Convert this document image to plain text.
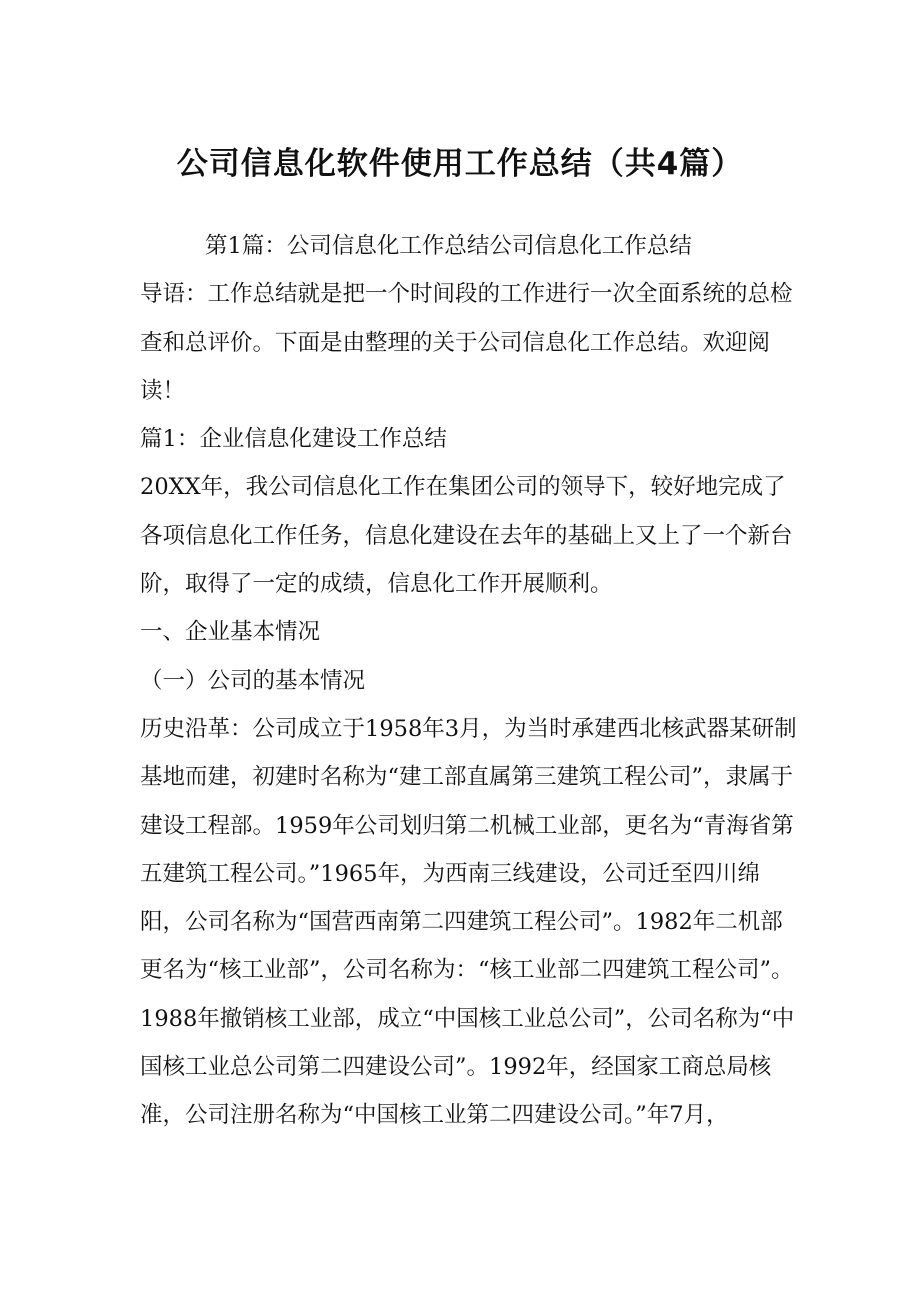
公司信息化软件使用工作总结（共4篇）

第1篇：公司信息化工作总结公司信息化工作总结

导语：工作总结就是把一个时间段的工作进行一次全面系统的总检查和总评价。下面是由整理的关于公司信息化工作总结。欢迎阅读！

篇1：企业信息化建设工作总结

20XX年，我公司信息化工作在集团公司的领导下，较好地完成了各项信息化工作任务，信息化建设在去年的基础上又上了一个新台阶，取得了一定的成绩，信息化工作开展顺利。

一、企业基本情况

（一）公司的基本情况

历史沿革：公司成立于1958年3月，为当时承建西北核武器某研制基地而建，初建时名称为“建工部直属第三建筑工程公司”，隶属于建设工程部。1959年公司划归第二机械工业部，更名为“青海省第五建筑工程公司。”1965年，为西南三线建设，公司迁至四川绵阳，公司名称为“国营西南第二四建筑工程公司”。1982年二机部更名为“核工业部”，公司名称为：“核工业部二四建筑工程公司”。1988年撤销核工业部，成立“中国核工业总公司”，公司名称为“中国核工业总公司第二四建设公司”。1992年，经国家工商总局核准，公司注册名称为“中国核工业第二四建设公司。”年7月，
